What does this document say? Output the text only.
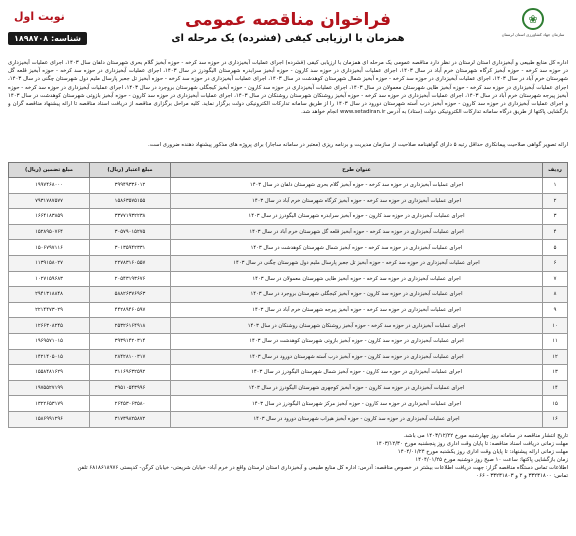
❀
سازمان جهاد کشاورزی استان لرستان
فراخوان مناقصه عمومی
همزمان با ارزیابی کیفی (فشرده) یک مرحله ای
نوبت اول
شناسه: ۱۸۹۸۷۰۸
اداره کل منابع طبیعی و آبخیزداری استان لرستان در نظر دارد مناقصه عمومی یک مرحله ای همزمان با ارزیابی کیفی (فشرده) اجرای عملیات آبخیزداری در حوزه سد کرخه - حوزه آبخیز گلام بحری شهرستان دلفان سال ۱۴۰۳، اجرای عملیات آبخیزداری در حوزه سد کرخه - حوزه آبخیز کرگاه شهرستان خرم آباد در سال ۱۴۰۳، اجرای عملیات آبخیزداری در حوزه سد کارون - حوزه آبخیز سرابدره شهرستان الیگودرز در سال ۱۴۰۳، اجرای عملیات آبخیزداری در حوزه سد کرخه - حوزه آبخیز قلعه گل شهرستان خرم آباد در سال ۱۴۰۳، اجرای عملیات آبخیزداری در حوزه سد کرخه - حوزه آبخیز شمال شهرستان کوهدشت در سال ۱۴۰۳، اجرای عملیات آبخیزداری در حوزه سد کرخه - حوزه آبخیز تل جعبر پارسال ملیم دول شهرستان چگنی در سال ۱۴۰۳، اجرای عملیات آبخیزداری در حوزه سد کرخه - حوزه آبخیز طایی شهرستان معمولان در سال ۱۴۰۳، اجرای عملیات آبخیزداری در حوزه سد کارون - حوزه آبخیز کیجگلی شهرستان بروجرد در سال ۱۴۰۳، اجرای عملیات آبخیزداری در حوزه سد کرخه - حوزه آبخیز پیرجه شهرستان خرم آباد در سال ۱۴۰۳، اجرای عملیات آبخیزداری در حوزه سد کرخه - حوزه آبخیز روشنکان شهرستان روشنکان در سال ۱۴۰۳، اجرای عملیات آبخیزداری در حوزه سد کارون - حوزه آبخیز بازوتی شهرستان کوهدشت در سال ۱۴۰۳ و اجرای عملیات آبخیزداری در حوزه سد کارون - حوزه آبخیز درب آسته شهرستان دورود در سال ۱۴۰۳ را از طریق سامانه تدارکات الکترونیکی دولت برگزار نماید. کلیه مراحل برگزاری مناقصه از دریافت اسناد مناقصه تا ارائه پیشنهاد مناقصه گران و بازگشایی پاکتها از طریق درگاه سامانه تدارکات الکترونیکی دولت (ستاد) به آدرس www.setadiran.ir انجام خواهد شد.
ارائه تصویر گواهی صلاحیت پیمانکاری حداقل رتبه ۵ دارای گواهینامه صلاحیت از سازمان مدیریت و برنامه ریزی (معتبر در سامانه ساجار) برای پروژه های مذکور پیشنهاد دهنده ضروری است.
ردیف	عنوان طرح	مبلغ اعتبار (ریال)	مبلغ تضمین (ریال)
۱	اجرای عملیات آبخیزداری در حوزه سد کرخه - حوزه آبخیز گلام بحری شهرستان دلفان در سال ۱۴۰۳	۳۹۹۴۹۳۳۶۰۱۲	۱۹۹۷۴۶۸۰۰۰
۲	اجرای عملیات آبخیزداری در حوزه سد کرخه - حوزه آبخیز کرگاه شهرستان خرم آباد در سال ۱۴۰۳	۱۵۸۶۳۵۷۵۱۵۵	۷۹۳۱۷۸۷۵۷۷
۳	اجرای عملیات آبخیزداری در حوزه سد کارون - حوزه آبخیز سرابدره شهرستان الیگودرز در سال ۱۴۰۳	۳۳۷۷۱۹۳۲۲۳۸	۱۶۶۴۱۸۳۸۵۹
۴	اجرای عملیات آبخیزداری در حوزه سد کرخه - حوزه آبخیز قلعه گل شهرستان خرم آباد در سال ۱۴۰۳	۳۰۵۷۹۰۱۵۲۷۵	۱۵۲۸۹۵۰۷۶۴
۵	اجرای عملیات آبخیزداری در حوزه سد کرخه - حوزه آبخیز شمال شهرستان کوهدشت در سال ۱۴۰۳	۳۰۱۳۵۹۴۲۳۳۱	۱۵۰۶۷۹۷۱۱۶
۶	اجرای عملیات آبخیزداری در حوزه سد کرخه - حوزه آبخیز تل جعبر پارسال ملیم دول شهرستان چگنی در سال ۱۴۰۳	۲۲۷۸۳۱۶۰۵۵۷	۱۱۳۹۱۵۸۰۲۷
۷	اجرای عملیات آبخیزداری در حوزه سد کرخه - حوزه آبخیز طایی شهرستان معمولان در سال ۱۴۰۳	۲۰۵۴۳۱۹۳۶۷۶	۱۰۲۷۱۵۹۶۸۳
۸	اجرای عملیات آبخیزداری در حوزه سد کارون - حوزه آبخیز کیجگلی شهرستان بروجرد در سال ۱۴۰۳	۵۸۸۲۶۳۷۶۹۶۳	۲۹۴۱۳۱۸۸۴۸
۹	اجرای عملیات آبخیزداری در حوزه سد کرخه - حوزه آبخیز پیرجه شهرستان خرم آباد در سال ۱۴۰۳	۴۴۲۸۹۴۶۰۵۹۷	۲۲۱۴۴۷۳۰۲۹
۱۰	اجرای عملیات آبخیزداری در حوزه سد کرخه - حوزه آبخیز روشنکان شهرستان روشنکان در سال ۱۴۰۳	۲۵۳۲۶۱۶۴۹۱۸	۱۲۶۶۳۰۸۲۴۵
۱۱	اجرای عملیات آبخیزداری در حوزه سد کارون - حوزه آبخیز بازوتی شهرستان کوهدشت در سال ۱۴۰۳	۳۹۳۹۱۴۲۰۳۱۴	۱۹۶۹۵۷۱۰۱۵
۱۲	اجرای عملیات آبخیزداری در حوزه سد کارون - حوزه آبخیز درب آسته شهرستان دورود در سال ۱۴۰۳	۲۸۴۲۸۱۰۰۳۱۷	۱۴۲۱۴۰۵۰۱۵
۱۳	اجرای عملیات آبخیزداری در حوزه سد کارون - حوزه آبخیز شمال شهرستان الیگودرز در سال ۱۴۰۳	۳۱۱۶۹۶۳۲۵۹۲	۱۵۵۸۴۸۱۶۲۹
۱۴	اجرای عملیات آبخیزداری در حوزه سد کارون - حوزه آبخیز کوجهری شهرستان الیگودرز در سال ۱۴۰۳	۳۹۵۱۰۵۴۳۹۹۶	۱۹۷۵۵۲۷۱۹۹
۱۵	اجرای عملیات آبخیزداری در حوزه سد کارون - حوزه آبخیز مرکز شهرستان الیگودرز در سال ۱۴۰۳	۲۶۴۵۳۰۶۳۵۸۰	۱۳۲۲۶۵۳۱۷۹
۱۶	اجرای عملیات آبخیزداری در حوزه سد کارون - حوزه آبخیز هیراب شهرستان دورود در سال ۱۴۰۳	۳۱۷۳۹۸۲۵۸۷۲	۱۵۸۶۹۹۱۲۹۶
تاریخ انتشار مناقصه در سامانه روز چهارشنبه مورخ ۱۴۰۳/۱۲/۲۲ می باشد.
مهلت زمانی دریافت اسناد مناقصه: تا پایان وقت اداری روز پنجشنبه مورخ ۱۴۰۳/۱۲/۳۰
مهلت زمانی ارائه پیشنهاد: تا پایان وقت اداری روز یکشنبه مورخ ۱۴۰۴/۰۱/۲۴
زمان بازگشایی پاکتها: ساعت ۱۰ صبح روز دوشنبه مورخ ۱۴۰۴/۰۱/۲۵
اطلاعات تماس دستگاه مناقصه گزار: جهت دریافت اطلاعات بیشتر در خصوص مناقصه: آدرس: اداره کل منابع طبیعی و آبخیزداری استان لرستان واقع در خرم آباد- خیابان شریعتی- خیابان کرگن- کدپستی ۶۸۱۸۶۱۸۹۷۶ تلفن
تماس: ۳۳۲۳۱۸۰۰ و ۲ و ۳۳۲۳۱۸۰۳ - ۰۶۶
